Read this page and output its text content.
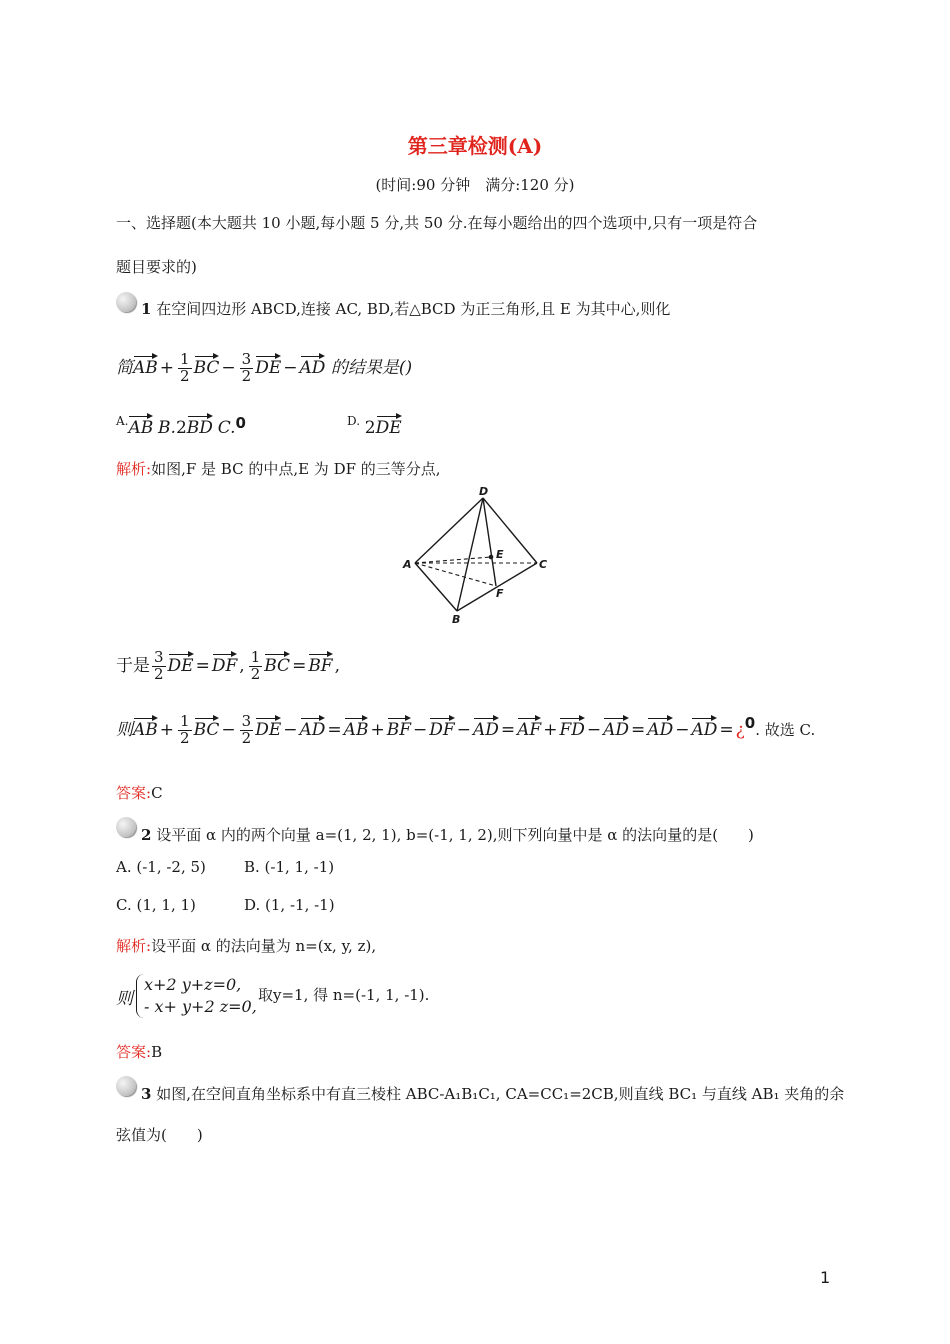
第三章检测(A)
(时间:90 分钟　满分:120 分)
一、选择题(本大题共 10 小题,每小题 5 分,共 50 分.在每小题给出的四个选项中,只有一项是符合
题目要求的)
1 在空间四边形 ABCD,连接 AC, BD,若△BCD 为正三角形,且 E 为其中心,则化
简AB + $\frac{1}{2}$ BC − $\frac{3}{2}$ DE − AD 的结果是()
$^{A.}$AB B.2BD C.0	$^{D.}$ 2DE
解析:如图,F 是 BC 的中点,E 为 DF 的三等分点,
D
E
A	C
F
B
于是 $\frac{3}{2}$ DE = DF , $\frac{1}{2}$ BC = BF ,
则AB + $\frac{1}{2}$ BC − $\frac{3}{2}$ DE − AD = AB + BF − DF − AD = AF + FD − AD = AD − AD = ¿0. 故选 C.
答案:C
2 设平面 α 内的两个向量 a=(1, 2, 1), b=(-1, 1, 2),则下列向量中是 α 的法向量的是(　　)
A. (-1, -2, 5)	B. (-1, 1, -1)
C. (1, 1, 1)	D. (1, -1, -1)
解析:设平面 α 的法向量为 n=(x, y, z),
则
x+2 y+z=0,
- x+ y+2 z=0,
取y=1, 得 n=(-1, 1, -1).
答案:B
3 如图,在空间直角坐标系中有直三棱柱 ABC-A₁B₁C₁, CA=CC₁=2CB,则直线 BC₁ 与直线 AB₁ 夹角的余
弦值为(　　)
1
